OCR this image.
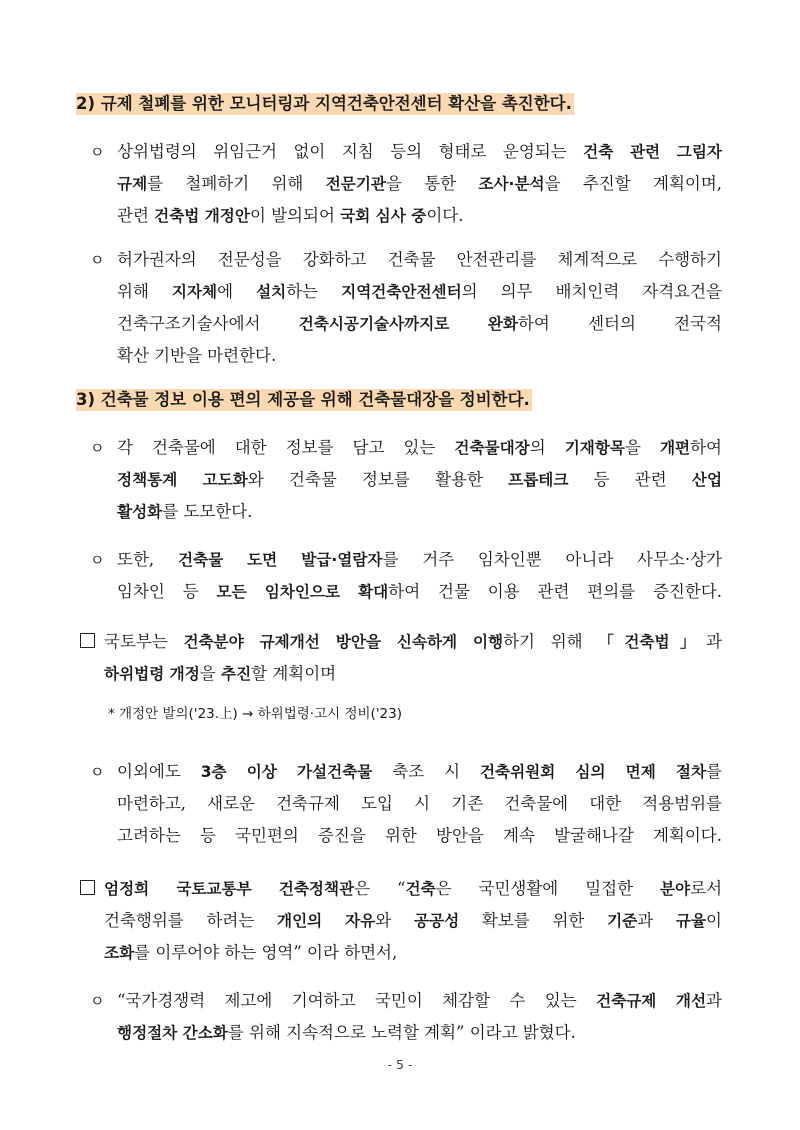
2) 규제 철폐를 위한 모니터링과 지역건축안전센터 확산을 촉진한다.
ㅇ 상위법령의 위임근거 없이 지침 등의 형태로 운영되는 건축 관련 그림자
규제를 철폐하기 위해 전문기관을 통한 조사·분석을 추진할 계획이며,
관련 건축법 개정안이 발의되어 국회 심사 중이다.
ㅇ 허가권자의 전문성을 강화하고 건축물 안전관리를 체계적으로 수행하기
위해 지자체에 설치하는 지역건축안전센터의 의무 배치인력 자격요건을
건축구조기술사에서 건축시공기술사까지로 완화하여 센터의 전국적
확산 기반을 마련한다.
3) 건축물 정보 이용 편의 제공을 위해 건축물대장을 정비한다.
ㅇ 각 건축물에 대한 정보를 담고 있는 건축물대장의 기재항목을 개편하여
정책통계 고도화와 건축물 정보를 활용한 프롭테크 등 관련 산업
활성화를 도모한다.
ㅇ 또한, 건축물 도면 발급·열람자를 거주 임차인뿐 아니라 사무소·상가
임차인 등 모든 임차인으로 확대하여 건물 이용 관련 편의를 증진한다.
국토부는 건축분야 규제개선 방안을 신속하게 이행하기 위해 「건축법」과
하위법령 개정을 추진할 계획이며
* 개정안 발의('23.上) → 하위법령·고시 정비('23)
ㅇ 이외에도 3층 이상 가설건축물 축조 시 건축위원회 심의 면제 절차를
마련하고, 새로운 건축규제 도입 시 기존 건축물에 대한 적용범위를
고려하는 등 국민편의 증진을 위한 방안을 계속 발굴해나갈 계획이다.
엄정희 국토교통부 건축정책관은 “건축은 국민생활에 밀접한 분야로서
건축행위를 하려는 개인의 자유와 공공성 확보를 위한 기준과 규율이
조화를 이루어야 하는 영역” 이라 하면서,
ㅇ “국가경쟁력 제고에 기여하고 국민이 체감할 수 있는 건축규제 개선과
행정절차 간소화를 위해 지속적으로 노력할 계획” 이라고 밝혔다.
- 5 -
